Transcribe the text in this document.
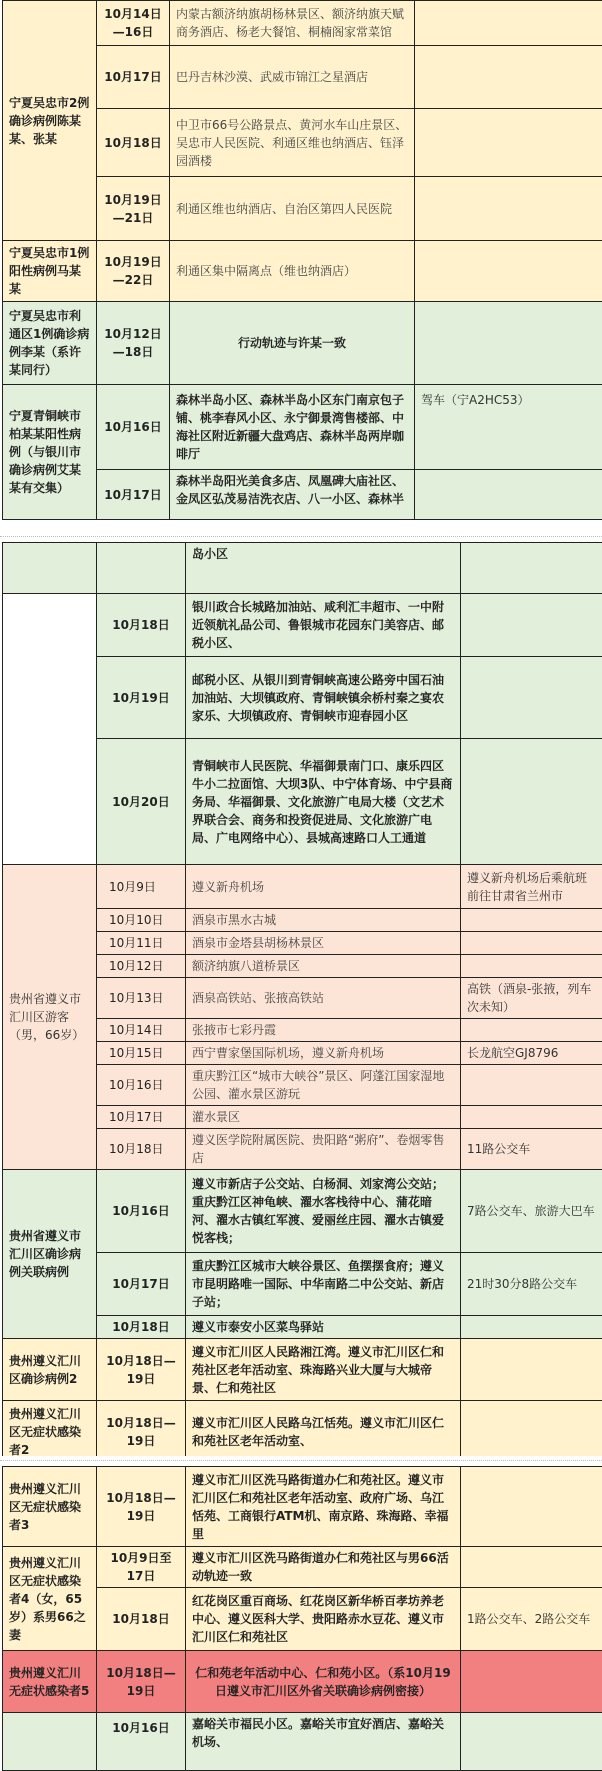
宁夏吴忠市2例确诊病例陈某某、张某	10月14日—16日	内蒙古额济纳旗胡杨林景区、额济纳旗天赋商务酒店、杨老大餐馆、桐楠阁家常菜馆	
	10月17日	巴丹吉林沙漠、武威市锦江之星酒店	
	10月18日	中卫市66号公路景点、黄河水车山庄景区、吴忠市人民医院、利通区维也纳酒店、钰泽园酒楼	
	10月19日—21日	利通区维也纳酒店、自治区第四人民医院	
宁夏吴忠市1例阳性病例马某某	10月19日—22日	利通区集中隔离点（维也纳酒店）	
宁夏吴忠市利通区1例确诊病例李某（系许某同行）	10月12日—18日	行动轨迹与许某一致	
宁夏青铜峡市柏某某阳性病例（与银川市确诊病例艾某某有交集）	10月16日	森林半岛小区、森林半岛小区东门南京包子铺、桃李春风小区、永宁御景湾售楼部、中海社区附近新疆大盘鸡店、森林半岛两岸咖啡厅	驾车（宁A2HC53）
	10月17日	森林半岛阳光美食多店、凤凰碑大庙社区、金凤区弘茂易洁洗衣店、八一小区、森林半	
		岛小区	
	10月18日	银川政合长城路加油站、咸利汇丰超市、一中附近领航礼品公司、鲁银城市花园东门美容店、邮税小区、	
	10月19日	邮税小区、从银川到青铜峡高速公路旁中国石油加油站、大坝镇政府、青铜峡镇余桥村秦之宴农家乐、大坝镇政府、青铜峡市迎春园小区	
	10月20日	青铜峡市人民医院、华福御景南门口、康乐四区牛小二拉面馆、大坝3队、中宁体育场、中宁县商务局、华福御景、文化旅游广电局大楼（文艺术界联合会、商务和投资促进局、文化旅游广电局、广电网络中心）、县城高速路口人工通道	
贵州省遵义市汇川区游客（男，66岁）	10月9日	遵义新舟机场	遵义新舟机场后乘航班前往甘肃省兰州市
	10月10日	酒泉市黑水古城	
	10月11日	酒泉市金塔县胡杨林景区	
	10月12日	额济纳旗八道桥景区	
	10月13日	酒泉高铁站、张掖高铁站	高铁（酒泉-张掖，列车次未知）
	10月14日	张掖市七彩丹霞	
	10月15日	西宁曹家堡国际机场，遵义新舟机场	长龙航空GJ8796
	10月16日	重庆黔江区“城市大峡谷”景区、阿蓬江国家湿地公园、灌水景区游玩	
	10月17日	灌水景区	
	10月18日	遵义医学院附属医院、贵阳路“粥府”、卷烟零售店	11路公交车
贵州省遵义市汇川区确诊病例关联病例	10月16日	遵义市新店子公交站、白杨洞、刘家湾公交站；重庆黔江区神龟峡、濯水客栈待中心、蒲花暗河、濯水古镇红军渡、爱丽丝庄园、濯水古镇爱悦客栈；	7路公交车、旅游大巴车
	10月17日	重庆黔江区城市大峡谷景区、鱼摆摆食府；遵义市昆明路唯一国际、中华南路二中公交站、新店子站；	21时30分8路公交车
	10月18日	遵义市泰安小区菜鸟驿站	
贵州遵义汇川区确诊病例2	10月18日—19日	遵义市汇川区人民路湘江湾。遵义市汇川区仁和苑社区老年活动室、珠海路兴业大厦与大城帝景、仁和苑社区	
贵州遵义汇川区无症状感染者2	10月18日—19日	遵义市汇川区人民路乌江恬苑。遵义市汇川区仁和苑社区老年活动室、	
贵州遵义汇川区无症状感染者3	10月18日—19日	遵义市汇川区洗马路街道办仁和苑社区。遵义市汇川区仁和苑社区老年活动室、政府广场、乌江恬苑、工商银行ATM机、南京路、珠海路、幸福里	
贵州遵义汇川区无症状感染者4（女，65岁）系男66之妻	10月9日至17日	遵义市汇川区洗马路街道办仁和苑社区与男66活动轨迹一致	
	10月18日	红花岗区重百商场、红花岗区新华桥百孝坊养老中心、遵义医科大学、贵阳路赤水豆花、遵义市汇川区仁和苑社区	1路公交车、2路公交车
贵州遵义汇川无症状感染者5	10月18日—19日	仁和苑老年活动中心、仁和苑小区。（系10月19日遵义市汇川区外省关联确诊病例密接）	
	10月16日	嘉峪关市福民小区。嘉峪关市宜好酒店、嘉峪关机场、	
